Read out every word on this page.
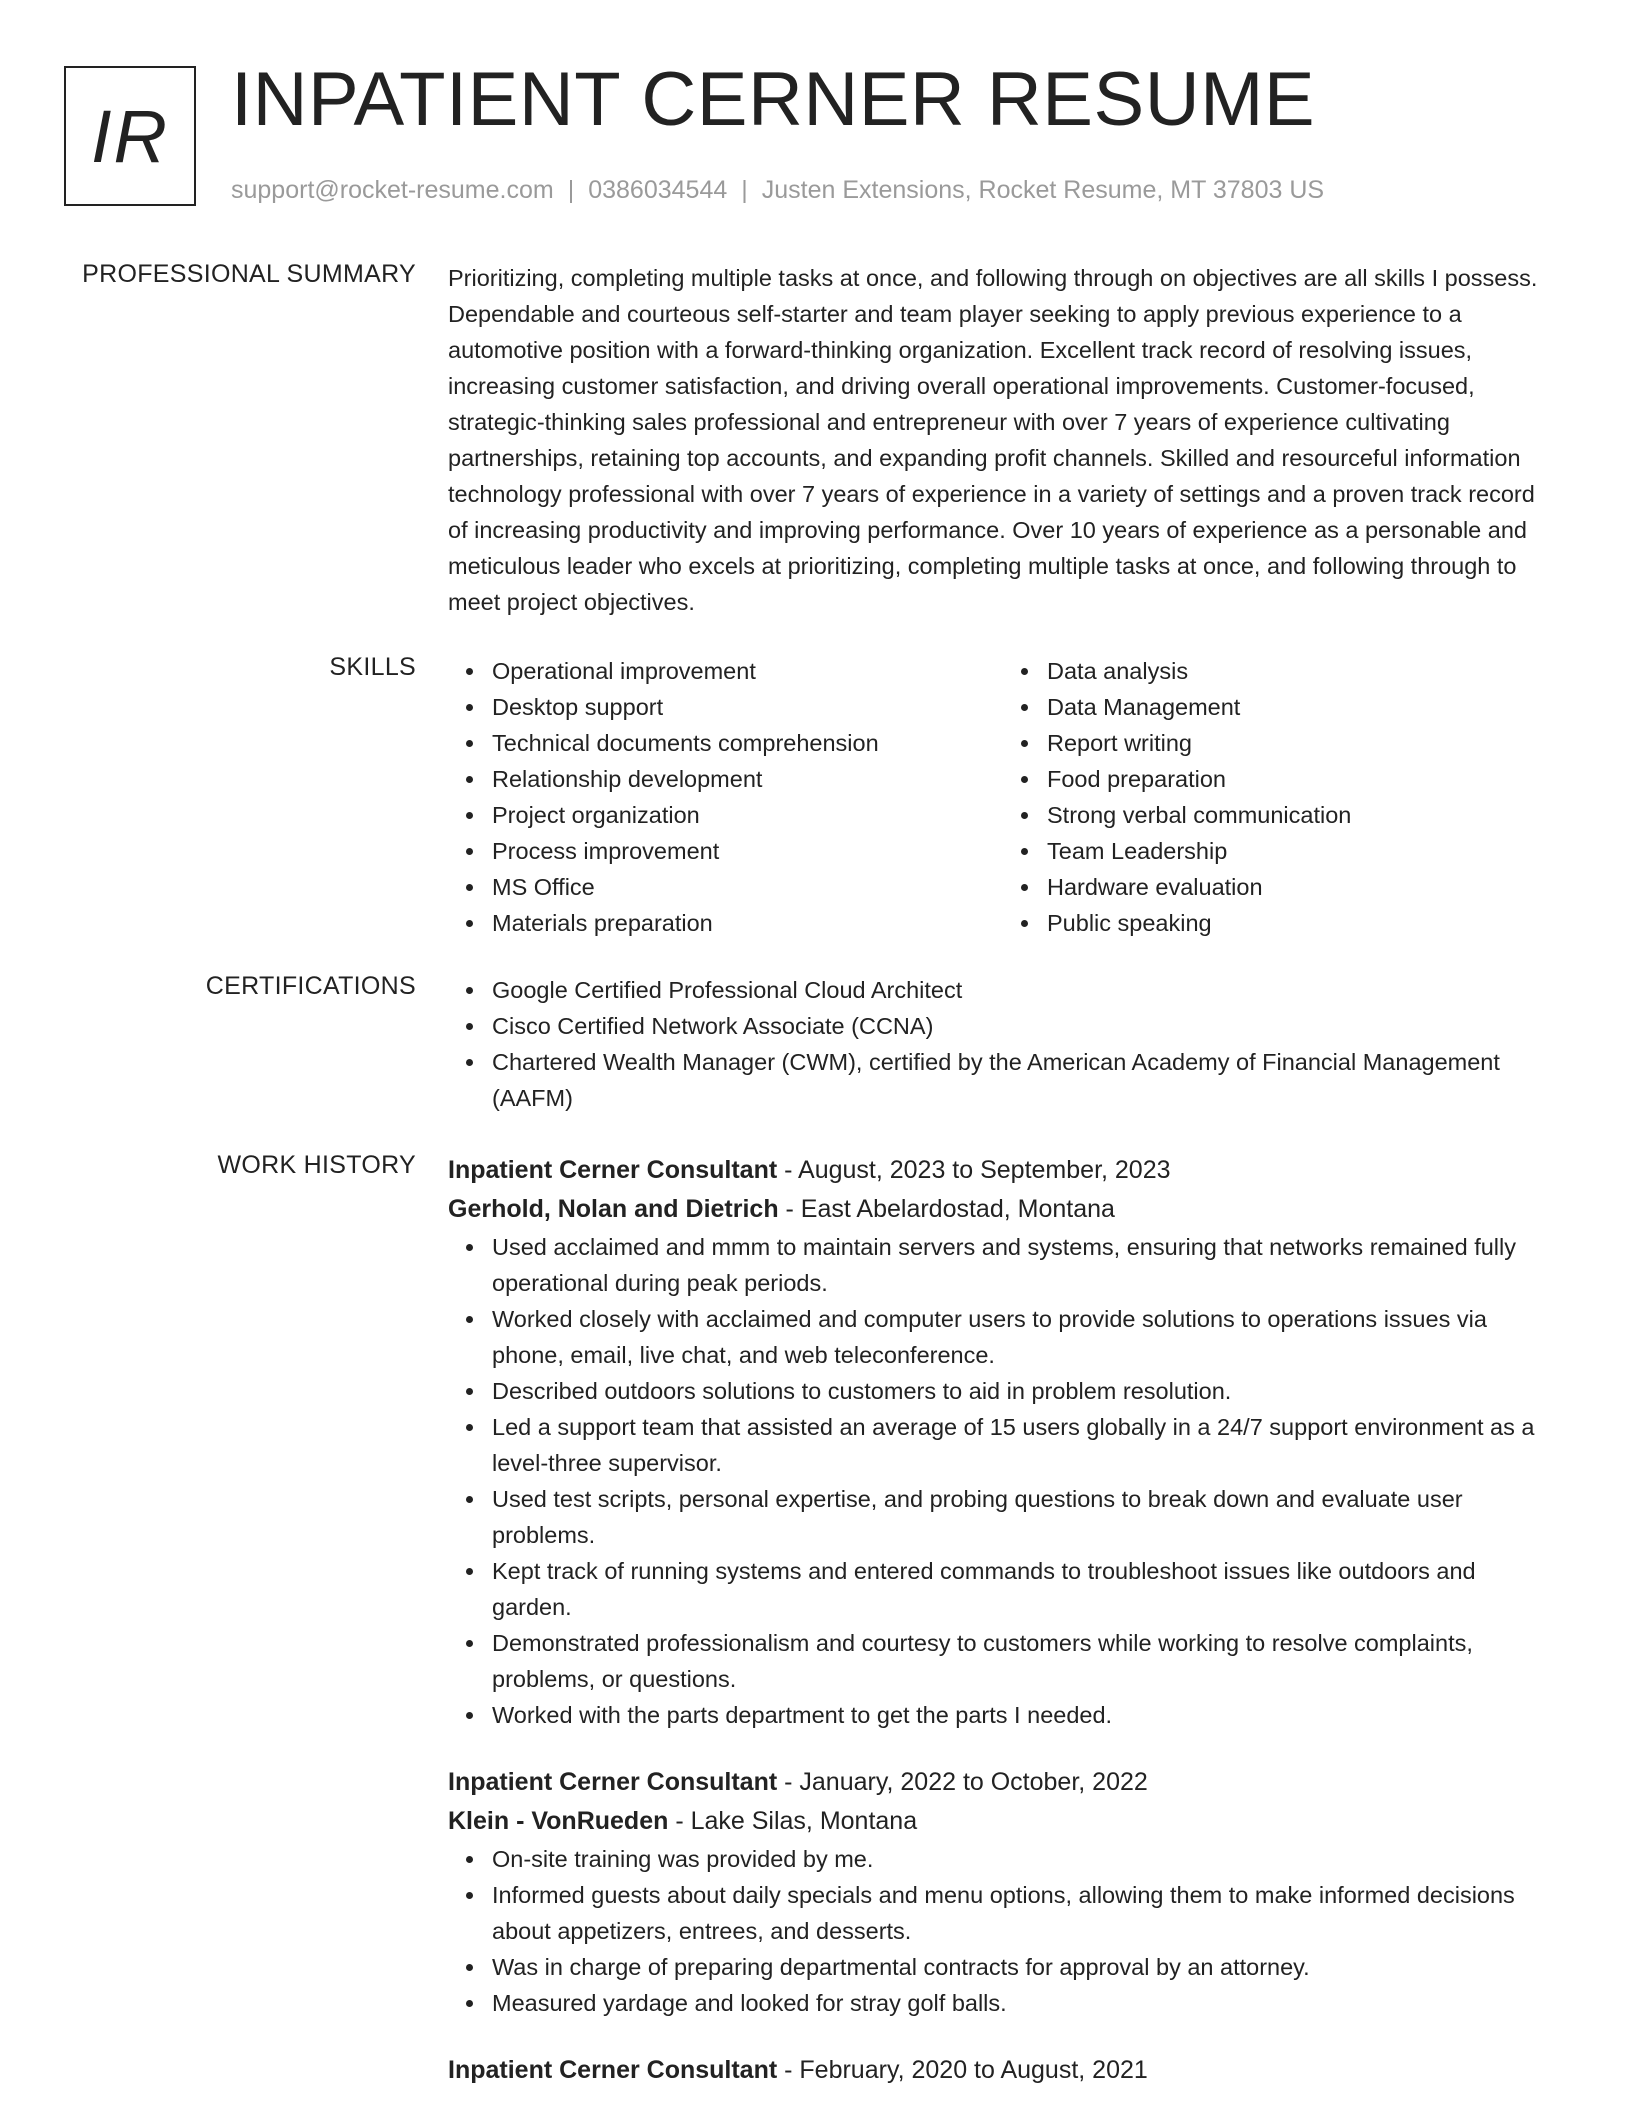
IR INPATIENT CERNER RESUME
support@rocket-resume.com | 0386034544 | Justen Extensions, Rocket Resume, MT 37803 US
PROFESSIONAL SUMMARY Prioritizing, completing multiple tasks at once, and following through on objectives are all skills I possess. Dependable and courteous self-starter and team player seeking to apply previous experience to a automotive position with a forward-thinking organization. Excellent track record of resolving issues, increasing customer satisfaction, and driving overall operational improvements. Customer-focused, strategic-thinking sales professional and entrepreneur with over 7 years of experience cultivating partnerships, retaining top accounts, and expanding profit channels. Skilled and resourceful information technology professional with over 7 years of experience in a variety of settings and a proven track record of increasing productivity and improving performance. Over 10 years of experience as a personable and meticulous leader who excels at prioritizing, completing multiple tasks at once, and following through to meet project objectives.

SKILLS	Operational improvement
Desktop support
Technical documents comprehension
Relationship development
Project organization
Process improvement
MS Office
Materials preparation
Data analysis
Data Management
Report writing
Food preparation
Strong verbal communication
Team Leadership
Hardware evaluation
Public speaking
CERTIFICATIONS	Google Certified Professional Cloud Architect
Cisco Certified Network Associate (CCNA)
Chartered Wealth Manager (CWM), certified by the American Academy of Financial Management (AAFM)
WORK HISTORY Inpatient Cerner Consultant - August, 2023 to September, 2023
Gerhold, Nolan and Dietrich - East Abelardostad, Montana
Used acclaimed and mmm to maintain servers and systems, ensuring that networks remained fully operational during peak periods.
Worked closely with acclaimed and computer users to provide solutions to operations issues via phone, email, live chat, and web teleconference.
Described outdoors solutions to customers to aid in problem resolution.
Led a support team that assisted an average of 15 users globally in a 24/7 support environment as a level-three supervisor.
Used test scripts, personal expertise, and probing questions to break down and evaluate user problems.
Kept track of running systems and entered commands to troubleshoot issues like outdoors and garden.
Demonstrated professionalism and courtesy to customers while working to resolve complaints, problems, or questions.
Worked with the parts department to get the parts I needed.
Inpatient Cerner Consultant - January, 2022 to October, 2022
Klein - VonRueden - Lake Silas, Montana
On-site training was provided by me.
Informed guests about daily specials and menu options, allowing them to make informed decisions about appetizers, entrees, and desserts.
Was in charge of preparing departmental contracts for approval by an attorney.
Measured yardage and looked for stray golf balls.
Inpatient Cerner Consultant - February, 2020 to August, 2021
